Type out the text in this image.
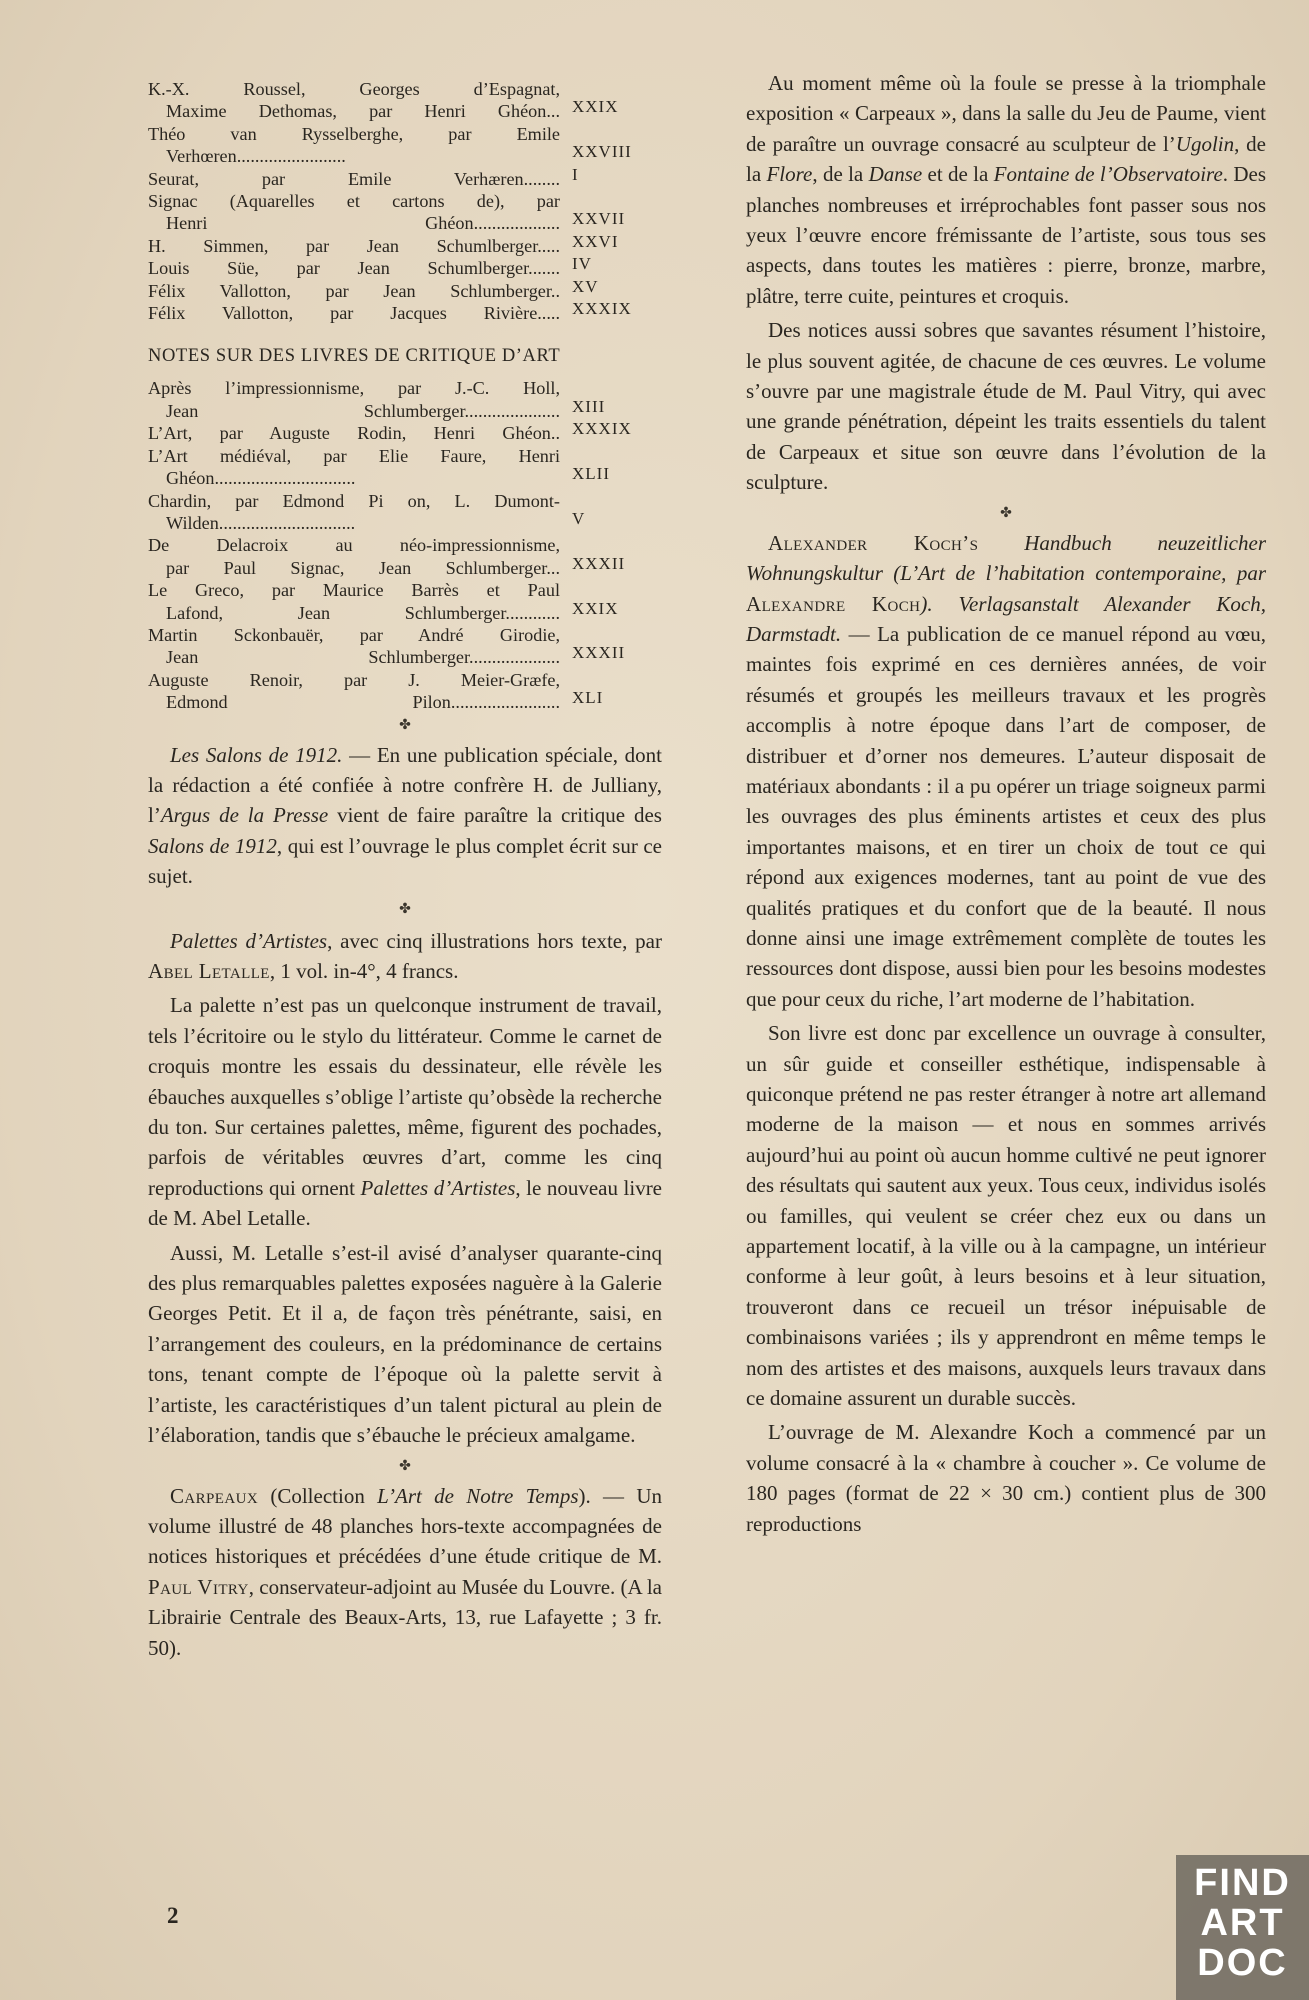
K.-X. Roussel, Georges d’Espagnat,
Maxime Dethomas, par Henri Ghéon... XXIX
Théo van Rysselberghe, par Emile
Verhœren........................	XXVIII
Seurat, par Emile Verhæren........ I
Signac (Aquarelles et cartons de), par
Henri Ghéon................... XXVII
H. Simmen, par Jean Schumlberger..... XXVI
Louis Süe, par Jean Schumlberger....... IV
Félix Vallotton, par Jean Schlumberger.. XV
Félix Vallotton, par Jacques Rivière..... XXXIX
NOTES SUR DES LIVRES DE CRITIQUE D’ART
Après l’impressionnisme, par J.-C. Holl,
Jean Schlumberger..................... XIII
L’Art, par Auguste Rodin, Henri Ghéon.. XXXIX
L’Art médiéval, par Elie Faure, Henri
Ghéon...............................	XLII
Chardin, par Edmond Pi on, L. Dumont-
Wilden..............................	V
De Delacroix au néo-impressionnisme,
par Paul Signac, Jean Schlumberger... XXXII
Le Greco, par Maurice Barrès et Paul
Lafond, Jean Schlumberger............ XXIX
Martin Sckonbauër, par André Girodie,
Jean Schlumberger.................... XXXII
Auguste Renoir, par J. Meier-Græfe,
Edmond Pilon........................ XLI
✤

Les Salons de 1912. — En une publication spéciale, dont la rédaction a été confiée à notre confrère H. de Julliany, l’Argus de la Presse vient de faire paraître la critique des Salons de 1912, qui est l’ouvrage le plus complet écrit sur ce sujet.

✤

Palettes d’Artistes, avec cinq illustrations hors texte, par Abel Letalle, 1 vol. in-4°, 4 francs.

La palette n’est pas un quelconque instrument de travail, tels l’écritoire ou le stylo du littérateur. Comme le carnet de croquis montre les essais du dessinateur, elle révèle les ébauches auxquelles s’oblige l’artiste qu’obsède la recherche du ton. Sur certaines palettes, même, figurent des pochades, parfois de véritables œuvres d’art, comme les cinq reproductions qui ornent Palettes d’Artistes, le nouveau livre de M. Abel Letalle.

Aussi, M. Letalle s’est-il avisé d’analyser quarante-cinq des plus remarquables palettes exposées naguère à la Galerie Georges Petit. Et il a, de façon très pénétrante, saisi, en l’arrangement des couleurs, en la prédominance de certains tons, tenant compte de l’époque où la palette servit à l’artiste, les caractéristiques d’un talent pictural au plein de l’élaboration, tandis que s’ébauche le précieux amalgame.

✤

Carpeaux (Collection L’Art de Notre Temps). — Un volume illustré de 48 planches hors-texte accompagnées de notices historiques et précédées d’une étude critique de M. Paul Vitry, conservateur-adjoint au Musée du Louvre. (A la Librairie Centrale des Beaux-Arts, 13, rue Lafayette ; 3 fr. 50).

Au moment même où la foule se presse à la triomphale exposition « Carpeaux », dans la salle du Jeu de Paume, vient de paraître un ouvrage consacré au sculpteur de l’Ugolin, de la Flore, de la Danse et de la Fontaine de l’Observatoire. Des planches nombreuses et irréprochables font passer sous nos yeux l’œuvre encore frémissante de l’artiste, sous tous ses aspects, dans toutes les matières : pierre, bronze, marbre, plâtre, terre cuite, peintures et croquis.

Des notices aussi sobres que savantes résument l’histoire, le plus souvent agitée, de chacune de ces œuvres. Le volume s’ouvre par une magistrale étude de M. Paul Vitry, qui avec une grande pénétration, dépeint les traits essentiels du talent de Carpeaux et situe son œuvre dans l’évolution de la sculpture.

✤

Alexander Koch’s Handbuch neuzeitlicher Wohnungskultur (L’Art de l’habitation contemporaine, par Alexandre Koch). Verlagsanstalt Alexander Koch, Darmstadt. — La publication de ce manuel répond au vœu, maintes fois exprimé en ces dernières années, de voir résumés et groupés les meilleurs travaux et les progrès accomplis à notre époque dans l’art de composer, de distribuer et d’orner nos demeures. L’auteur disposait de matériaux abondants : il a pu opérer un triage soigneux parmi les ouvrages des plus éminents artistes et ceux des plus importantes maisons, et en tirer un choix de tout ce qui répond aux exigences modernes, tant au point de vue des qualités pratiques et du confort que de la beauté. Il nous donne ainsi une image extrêmement complète de toutes les ressources dont dispose, aussi bien pour les besoins modestes que pour ceux du riche, l’art moderne de l’habitation.

Son livre est donc par excellence un ouvrage à consulter, un sûr guide et conseiller esthétique, indispensable à quiconque prétend ne pas rester étranger à notre art allemand moderne de la maison — et nous en sommes arrivés aujourd’hui au point où aucun homme cultivé ne peut ignorer des résultats qui sautent aux yeux. Tous ceux, individus isolés ou familles, qui veulent se créer chez eux ou dans un appartement locatif, à la ville ou à la campagne, un intérieur conforme à leur goût, à leurs besoins et à leur situation, trouveront dans ce recueil un trésor inépuisable de combinaisons variées ; ils y apprendront en même temps le nom des artistes et des maisons, auxquels leurs travaux dans ce domaine assurent un durable succès.

L’ouvrage de M. Alexandre Koch a commencé par un volume consacré à la « chambre à coucher ». Ce volume de 180 pages (format de 22 × 30 cm.) contient plus de 300 reproductions

2
FIND
ART
DOC
